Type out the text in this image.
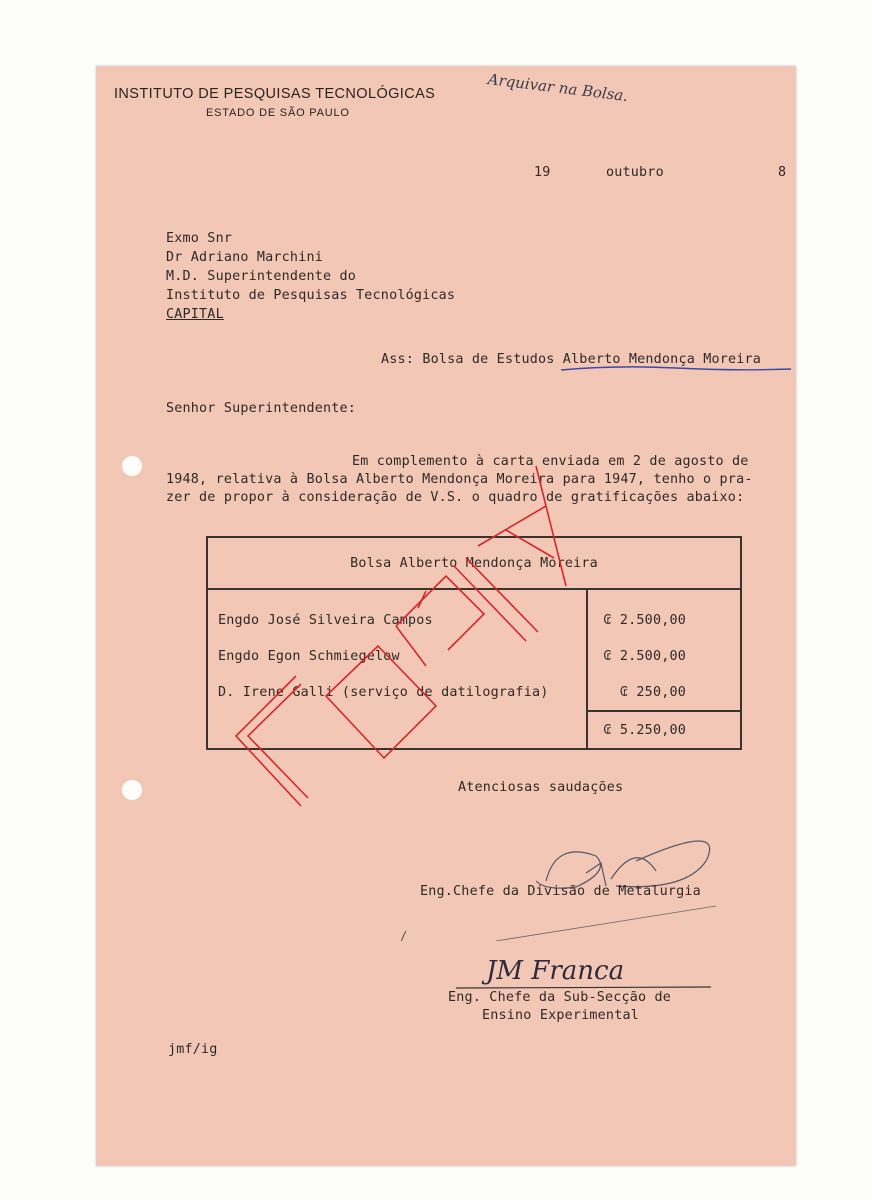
INSTITUTO DE PESQUISAS TECNOLÓGICAS
ESTADO DE SÃO PAULO
Arquivar na Bolsa.
19	outubro	8
Exmo Snr
Dr Adriano Marchini
M.D. Superintendente do
Instituto de Pesquisas Tecnológicas
CAPITAL
Ass: Bolsa de Estudos Alberto Mendonça Moreira
Senhor Superintendente:
Em complemento à carta enviada em 2 de agosto de
1948, relativa à Bolsa Alberto Mendonça Moreira para 1947, tenho o pra-
zer de propor à consideração de V.S. o quadro de gratificações abaixo:
Bolsa Alberto Mendonça Moreira	
Engdo José Silveira Campos	₢ 2.500,00
Engdo Egon Schmiegelow	₢ 2.500,00
D. Irene Galli (serviço de datilografia)	₢ 250,00
	₢ 5.250,00
CÓPIA
Atenciosas saudações
Eng.Chefe da Divisão de Metalurgia
JM Franca
Eng. Chefe da Sub-Secção de
Ensino Experimental
jmf/ig
